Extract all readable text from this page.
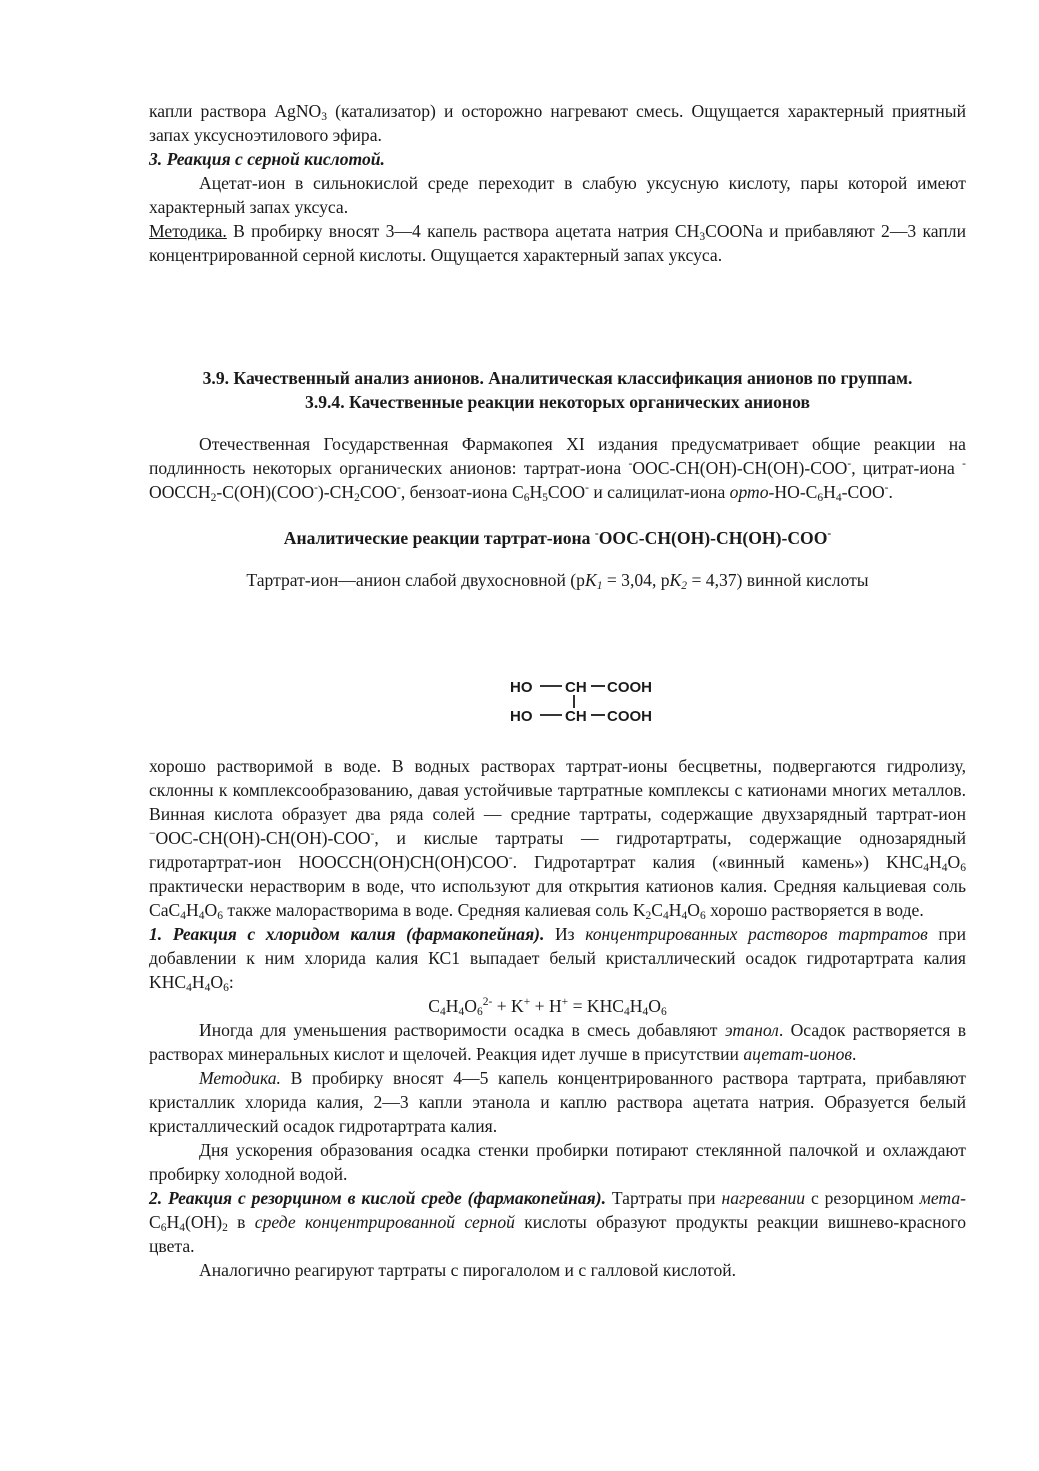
капли раствора AgNO$_3$ (катализатор) и осторожно нагревают смесь. Ощущается характерный приятный запах уксусноэтилового эфира.

3. Реакция с серной кислотой.

Ацетат-ион в сильнокислой среде переходит в слабую уксусную кислоту, пары которой имеют характерный запах уксуса.

Методика. В пробирку вносят 3—4 капель раствора ацетата натрия $CH_3COONa$ и прибавляют 2—3 капли концентрированной серной кислоты. Ощущается характерный запах уксуса.

3.9. Качественный анализ анионов. Аналитическая классификация анионов по группам.
3.9.4. Качественные реакции некоторых органических анионов

Отечественная Государственная Фармакопея XI издания предусматривает общие реакции на подлинность некоторых органических анионов: тартрат-иона -OOC-CH(OH)-CH(OH)-COO-, цитрат-иона $^-OOCCH_2-C(OH)(COO^-)-CH_2COO^-$, бензоат-иона $C_6H_5COO^-$ и салицилат-иона орто-$HO-C_6H_4-COO^-$.

Аналитические реакции тартрат-иона -OOC-CH(OH)-CH(OH)-COO-

Тартрат-ион—анион слабой двухосновной ($pK_1 = 3,04$, $pK_2 = 4,37$) винной кислоты

HO CH COOH
HO CH COOH

хорошо растворимой в воде. В водных растворах тартрат-ионы бесцветны, подвергаются гидролизу, склонны к комплексообразованию, давая устойчивые тартратные комплексы с катионами многих металлов. Винная кислота образует два ряда солей — средние тартраты, содержащие двухзарядный тартрат-ион −OOC-CH(OH)-CH(OH)-COO-, и кислые тартраты — гидротартраты, содержащие однозарядный гидротартрат-ион HOOCCH(OH)CH(OH)COO-. Гидротартрат калия («винный камень») $KHC_4H_4O_6$ практически нерастворим в воде, что используют для открытия катионов калия. Средняя кальциевая соль $CaC_4H_4O_6$ также малорастворима в воде. Средняя калиевая соль $K_2C_4H_4O_6$ хорошо растворяется в воде.

1. Реакция с хлоридом калия (фармакопейная). Из концентрированных растворов тартратов при добавлении к ним хлорида калия КС1 выпадает белый кристаллический осадок гидротартрата калия $KHC_4H_4O_6$:

$C_4H_4O_6^{2-} + K^+ + H^+ = KHC_4H_4O_6$

Иногда для уменьшения растворимости осадка в смесь добавляют этанол. Осадок растворяется в растворах минеральных кислот и щелочей. Реакция идет лучше в присутствии ацетат-ионов.

Методика. В пробирку вносят 4—5 капель концентрированного раствора тартрата, прибавляют кристаллик хлорида калия, 2—3 капли этанола и каплю раствора ацетата натрия. Образуется белый кристаллический осадок гидротартрата калия.

Дня ускорения образования осадка стенки пробирки потирают стеклянной палочкой и охлаждают пробирку холодной водой.

2. Реакция с резорцином в кислой среде (фармакопейная). Тартраты при нагревании с резорцином мета- $C_6H_4(OH)_2$ в среде концентрированной серной кислоты образуют продукты реакции вишнево-красного цвета.

Аналогично реагируют тартраты с пирогалолом и с галловой кислотой.
